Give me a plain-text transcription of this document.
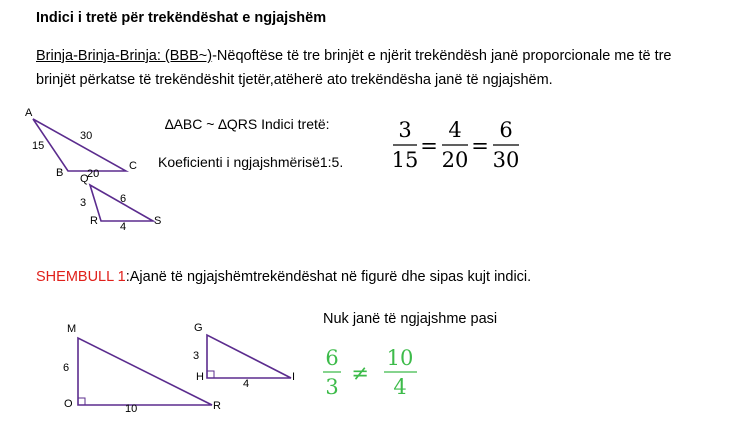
Indici i tretë për trekëndëshat e ngjajshëm
Brinja-Brinja-Brinja: (BBB~)-Nëqoftëse të tre brinjët e njërit trekëndësh janë proporcionale me të tre
brinjët përkatse të trekëndëshit tjetër,atëherë ato trekëndësha janë të ngjajshëm.
A
B
C
15
30
20
Q
R	S
3	6
4
∆ABC ~ ∆QRS Indici tretë:
Koeficienti i ngjajshmërisë1:5.
3
15
=
4
20
=
6
30
SHEMBULL 1:Ajanë të ngjajshëmtrekëndëshat në figurë dhe sipas kujt indici.
M
O	R
6
10
G
H	I
3
4
Nuk janë të ngjajshme pasi
6
3
≠
10
4
